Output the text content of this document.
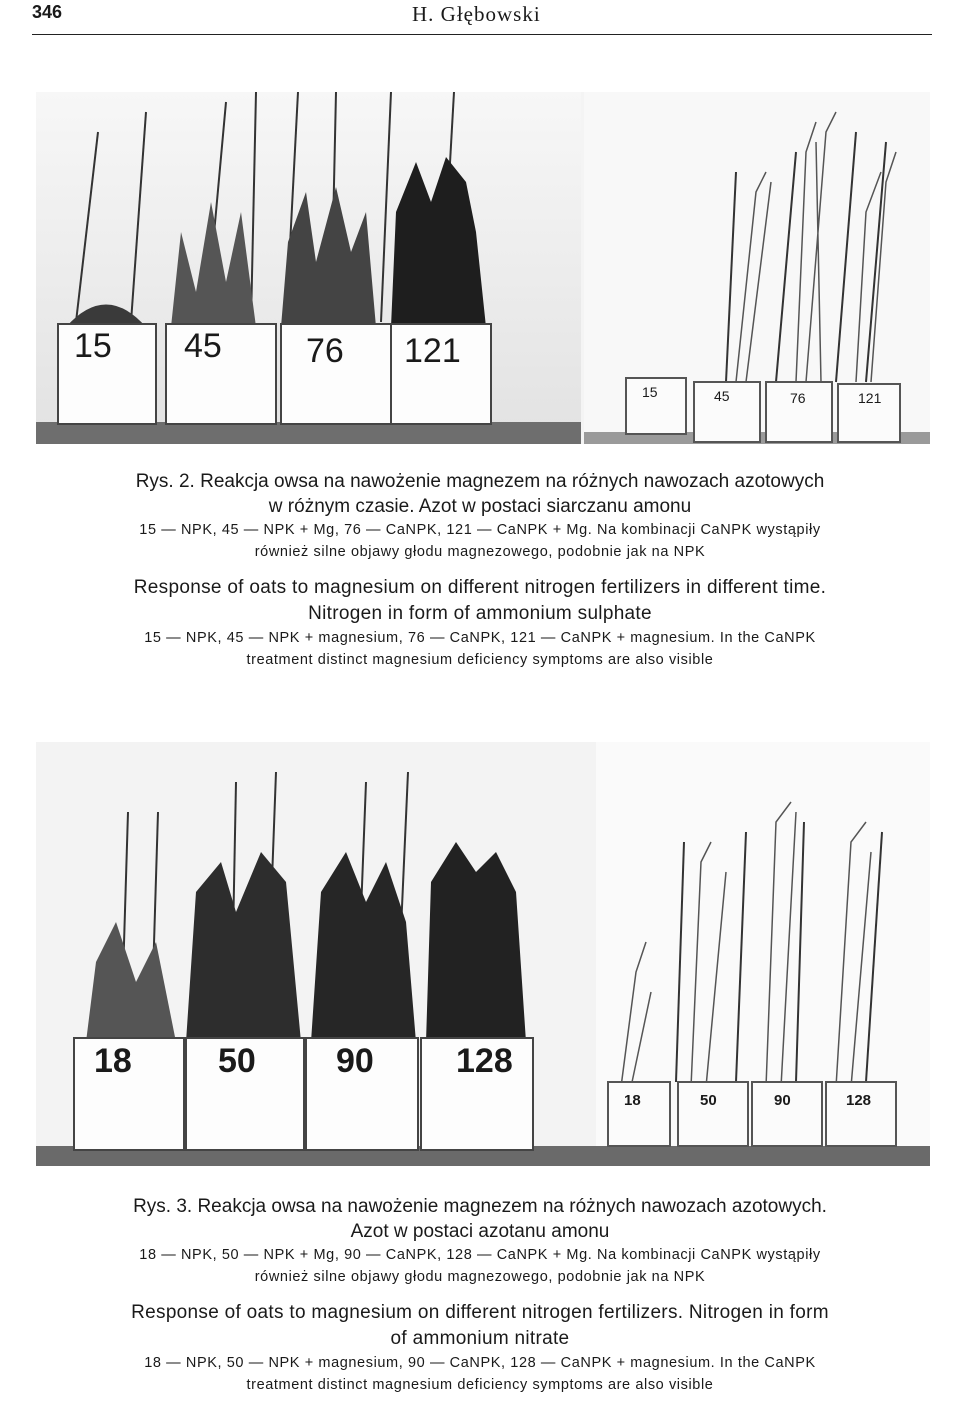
346	H. Głębowski
15 45 76 121
15	45	76	121
Rys. 2. Reakcja owsa na nawożenie magnezem na różnych nawozach azotowych
w różnym czasie. Azot w postaci siarczanu amonu
15 — NPK, 45 — NPK + Mg, 76 — CaNPK, 121 — CaNPK + Mg. Na kombinacji CaNPK wystąpiły
również silne objawy głodu magnezowego, podobnie jak na NPK
Response of oats to magnesium on different nitrogen fertilizers in different time.
Nitrogen in form of ammonium sulphate
15 — NPK, 45 — NPK + magnesium, 76 — CaNPK, 121 — CaNPK + magnesium. In the CaNPK
treatment distinct magnesium deficiency symptoms are also visible
18	50 90 128
18	50	90	128
Rys. 3. Reakcja owsa na nawożenie magnezem na różnych nawozach azotowych.
Azot w postaci azotanu amonu
18 — NPK, 50 — NPK + Mg, 90 — CaNPK, 128 — CaNPK + Mg. Na kombinacji CaNPK wystąpiły
również silne objawy głodu magnezowego, podobnie jak na NPK
Response of oats to magnesium on different nitrogen fertilizers. Nitrogen in form
of ammonium nitrate
18 — NPK, 50 — NPK + magnesium, 90 — CaNPK, 128 — CaNPK + magnesium. In the CaNPK
treatment distinct magnesium deficiency symptoms are also visible
